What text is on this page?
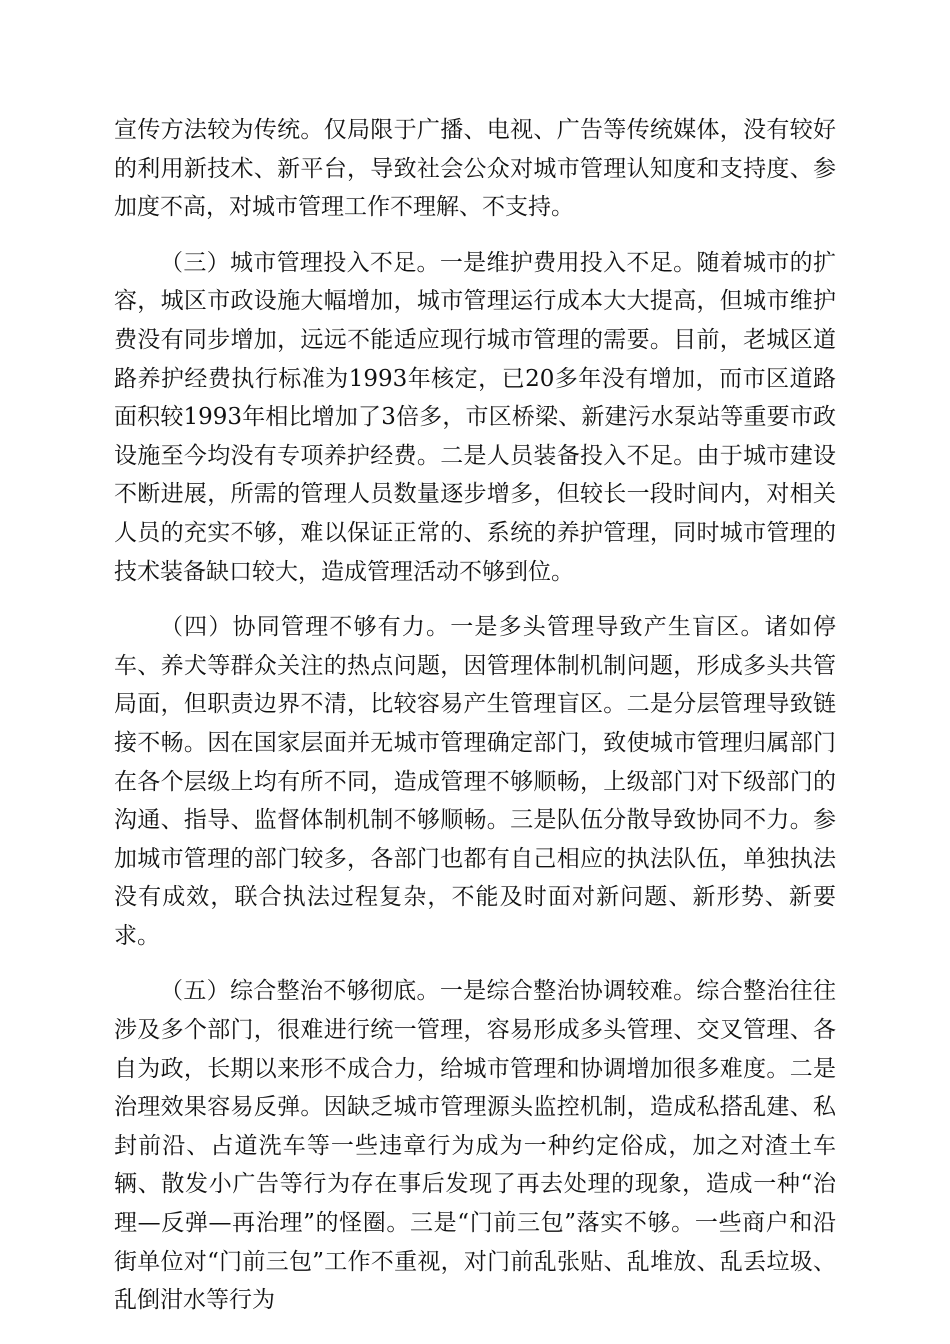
宣传方法较为传统。仅局限于广播、电视、广告等传统媒体，没有较好的利用新技术、新平台，导致社会公众对城市管理认知度和支持度、参加度不高，对城市管理工作不理解、不支持。

（三）城市管理投入不足。一是维护费用投入不足。随着城市的扩容，城区市政设施大幅增加，城市管理运行成本大大提高，但城市维护费没有同步增加，远远不能适应现行城市管理的需要。目前，老城区道路养护经费执行标准为1993年核定，已20多年没有增加，而市区道路面积较1993年相比增加了3倍多，市区桥梁、新建污水泵站等重要市政设施至今均没有专项养护经费。二是人员装备投入不足。由于城市建设不断进展，所需的管理人员数量逐步增多，但较长一段时间内，对相关人员的充实不够，难以保证正常的、系统的养护管理，同时城市管理的技术装备缺口较大，造成管理活动不够到位。

（四）协同管理不够有力。一是多头管理导致产生盲区。诸如停车、养犬等群众关注的热点问题，因管理体制机制问题，形成多头共管局面，但职责边界不清，比较容易产生管理盲区。二是分层管理导致链接不畅。因在国家层面并无城市管理确定部门，致使城市管理归属部门在各个层级上均有所不同，造成管理不够顺畅，上级部门对下级部门的沟通、指导、监督体制机制不够顺畅。三是队伍分散导致协同不力。参加城市管理的部门较多，各部门也都有自己相应的执法队伍，单独执法没有成效，联合执法过程复杂，不能及时面对新问题、新形势、新要求。

（五）综合整治不够彻底。一是综合整治协调较难。综合整治往往涉及多个部门，很难进行统一管理，容易形成多头管理、交叉管理、各自为政，长期以来形不成合力，给城市管理和协调增加很多难度。二是治理效果容易反弹。因缺乏城市管理源头监控机制，造成私搭乱建、私封前沿、占道洗车等一些违章行为成为一种约定俗成，加之对渣土车辆、散发小广告等行为存在事后发现了再去处理的现象，造成一种“治理—反弹—再治理”的怪圈。三是“门前三包”落实不够。一些商户和沿街单位对“门前三包”工作不重视，对门前乱张贴、乱堆放、乱丢垃圾、乱倒泔水等行为
